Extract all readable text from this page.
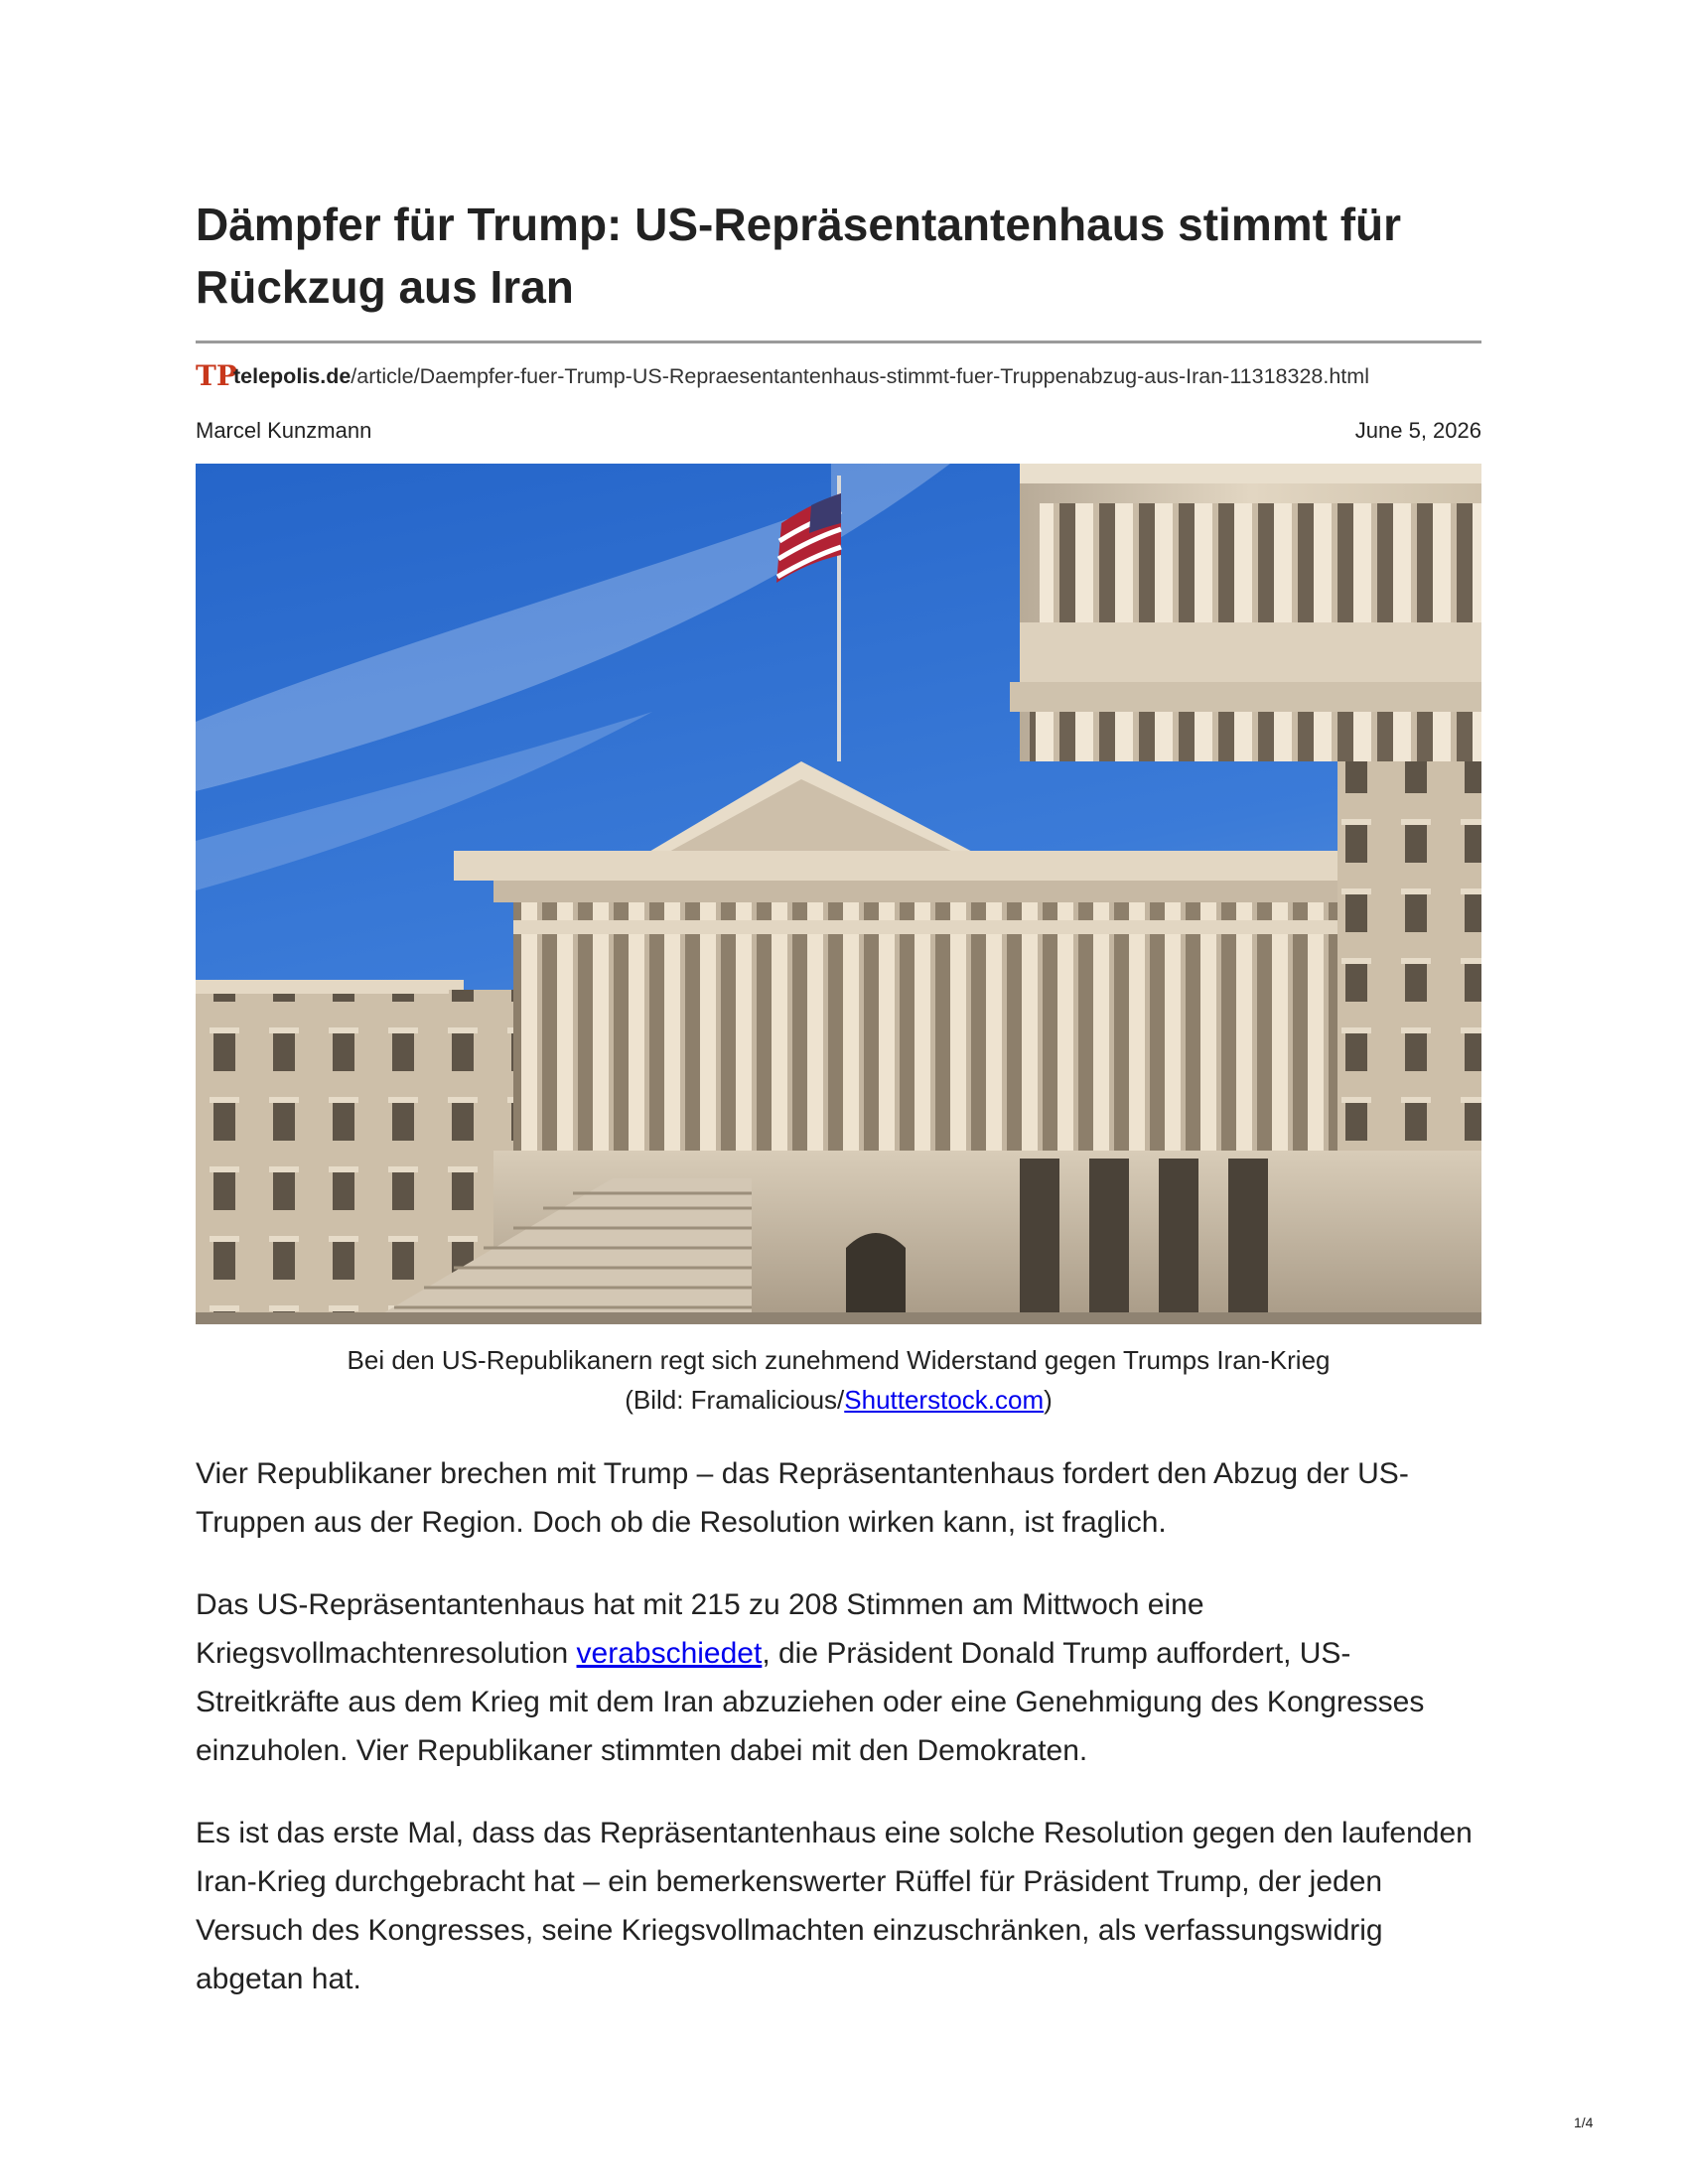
Dämpfer für Trump: US-Repräsentantenhaus stimmt für Rückzug aus Iran
TP
telepolis.de/article/Daempfer-fuer-Trump-US-Repraesentantenhaus-stimmt-fuer-Truppenabzug-aus-Iran-11318328.html
Marcel Kunzmann	June 5, 2026
Bei den US-Republikanern regt sich zunehmend Widerstand gegen Trumps Iran-Krieg
(Bild: Framalicious/Shutterstock.com)

Vier Republikaner brechen mit Trump – das Repräsentantenhaus fordert den Abzug der US-Truppen aus der Region. Doch ob die Resolution wirken kann, ist fraglich.

Das US-Repräsentantenhaus hat mit 215 zu 208 Stimmen am Mittwoch eine Kriegsvollmachtenresolution verabschiedet, die Präsident Donald Trump auffordert, US-Streitkräfte aus dem Krieg mit dem Iran abzuziehen oder eine Genehmigung des Kongresses einzuholen. Vier Republikaner stimmten dabei mit den Demokraten.

Es ist das erste Mal, dass das Repräsentantenhaus eine solche Resolution gegen den laufenden Iran-Krieg durchgebracht hat – ein bemerkenswerter Rüffel für Präsident Trump, der jeden Versuch des Kongresses, seine Kriegsvollmachten einzuschränken, als verfassungswidrig abgetan hat.

1/4
